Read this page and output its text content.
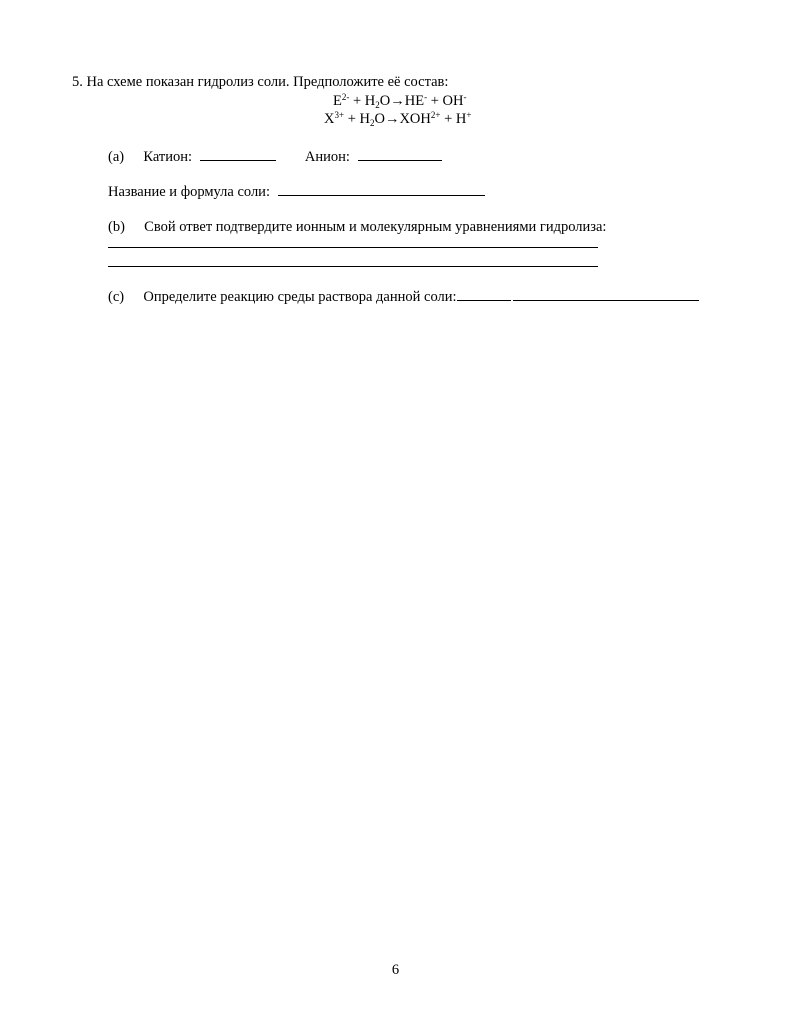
5. На схеме показан гидролиз соли. Предположите её состав:
$E^{2-} + H_2O\to HE^- + OH^-$
$X^{3+} + H_2O\to XOH^{2+} + H^+$
(a) Катион:	Анион:
Название и формула соли:
(b) Свой ответ подтвердите ионным и молекулярным уравнениями гидролиза:
(c) Определите реакцию среды раствора данной соли:
6
